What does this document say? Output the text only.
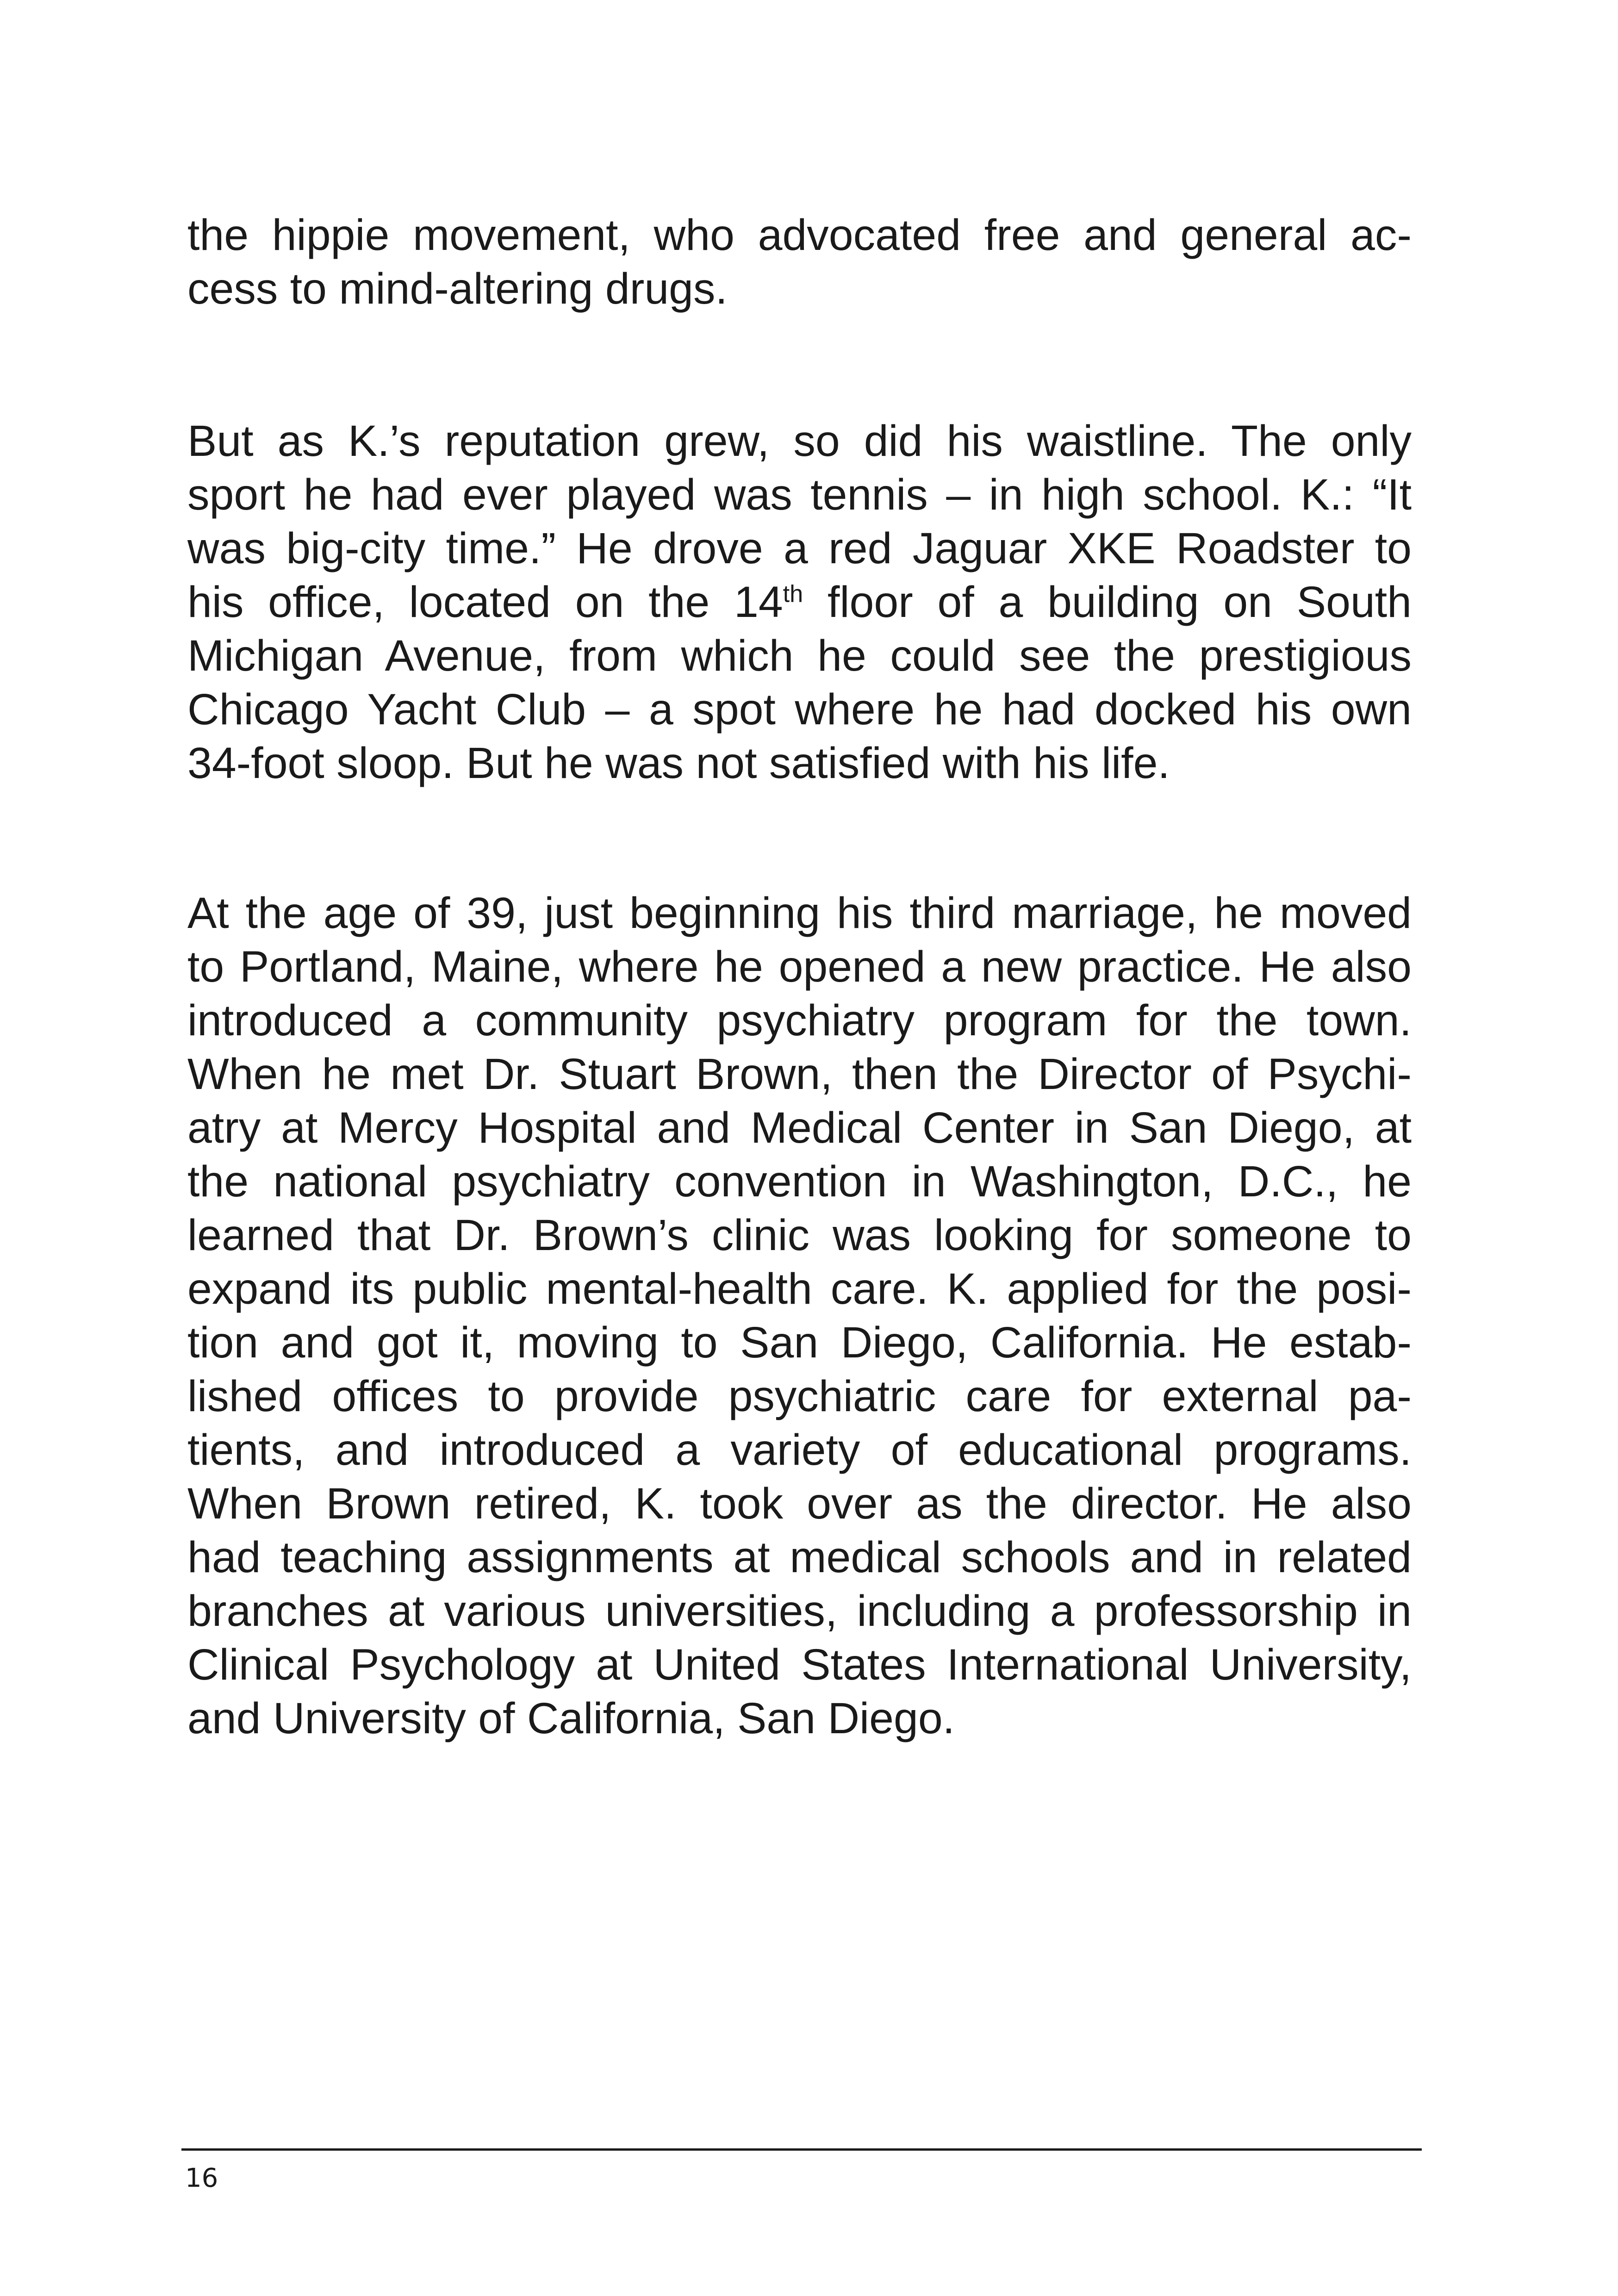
the hippie movement, who advocated free and general ac-
cess to mind-altering drugs.

But as K.’s reputation grew, so did his waistline. The only
sport he had ever played was tennis – in high school. K.: “It
was big-city time.” He drove a red Jaguar XKE Roadster to
his office, located on the 14th floor of a building on South
Michigan Avenue, from which he could see the prestigious
Chicago Yacht Club – a spot where he had docked his own
34-foot sloop. But he was not satisfied with his life.

At the age of 39, just beginning his third marriage, he moved
to Portland, Maine, where he opened a new practice. He also
introduced a community psychiatry program for the town.
When he met Dr. Stuart Brown, then the Director of Psychi-
atry at Mercy Hospital and Medical Center in San Diego, at
the national psychiatry convention in Washington, D.C., he
learned that Dr. Brown’s clinic was looking for someone to
expand its public mental-health care. K. applied for the posi-
tion and got it, moving to San Diego, California. He estab-
lished offices to provide psychiatric care for external pa-
tients, and introduced a variety of educational programs.
When Brown retired, K. took over as the director. He also
had teaching assignments at medical schools and in related
branches at various universities, including a professorship in
Clinical Psychology at United States International University,
and University of California, San Diego.

16
